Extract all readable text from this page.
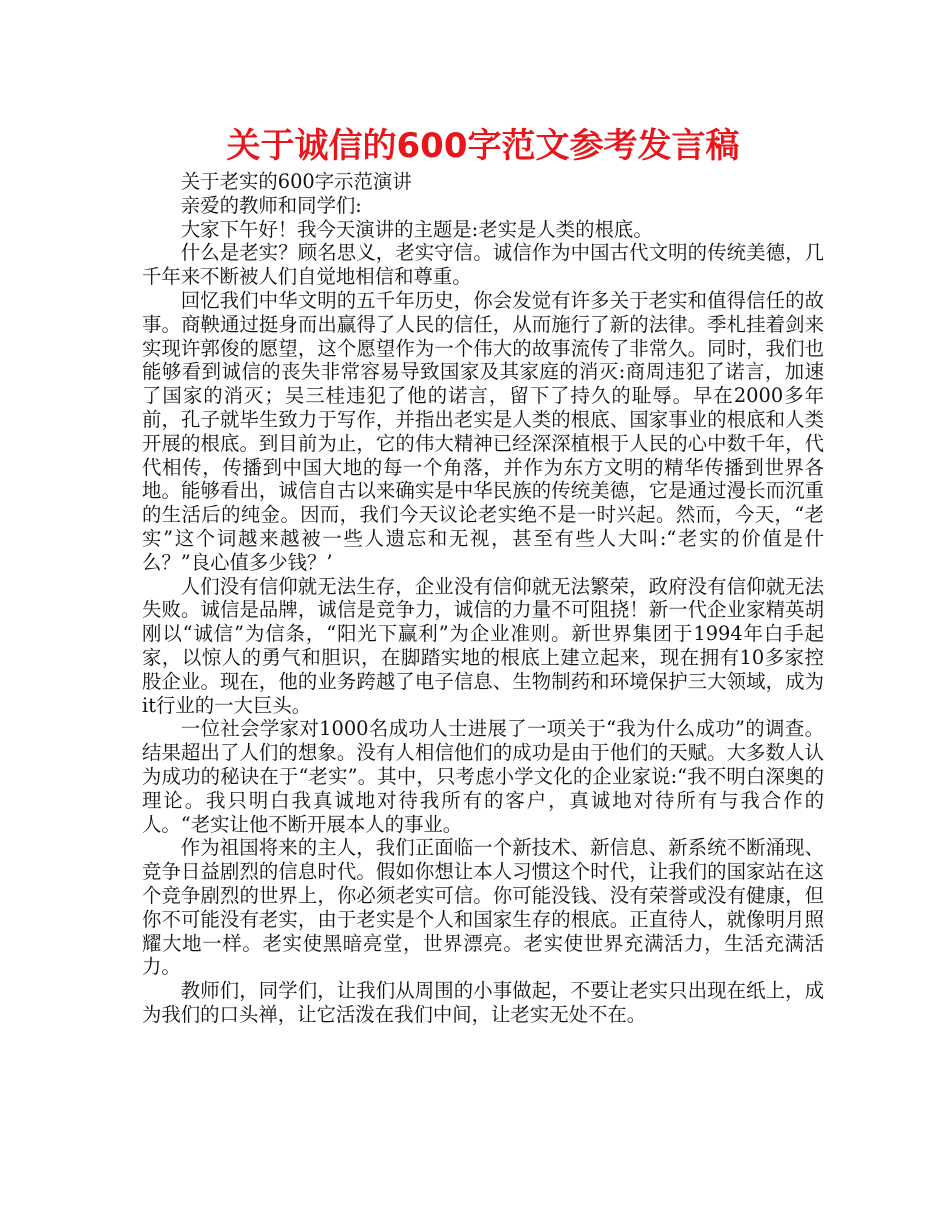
关于诚信的600字范文参考发言稿

关于老实的600字示范演讲

亲爱的教师和同学们:

大家下午好！我今天演讲的主题是:老实是人类的根底。

什么是老实？顾名思义，老实守信。诚信作为中国古代文明的传统美德，几千年来不断被人们自觉地相信和尊重。

回忆我们中华文明的五千年历史，你会发觉有许多关于老实和值得信任的故事。商鞅通过挺身而出赢得了人民的信任，从而施行了新的法律。季札挂着剑来实现许郭俊的愿望，这个愿望作为一个伟大的故事流传了非常久。同时，我们也能够看到诚信的丧失非常容易导致国家及其家庭的消灭:商周违犯了诺言，加速了国家的消灭；吴三桂违犯了他的诺言，留下了持久的耻辱。早在2000多年前，孔子就毕生致力于写作，并指出老实是人类的根底、国家事业的根底和人类开展的根底。到目前为止，它的伟大精神已经深深植根于人民的心中数千年，代代相传，传播到中国大地的每一个角落，并作为东方文明的精华传播到世界各地。能够看出，诚信自古以来确实是中华民族的传统美德，它是通过漫长而沉重的生活后的纯金。因而，我们今天议论老实绝不是一时兴起。然而，今天，“老实”这个词越来越被一些人遗忘和无视，甚至有些人大叫:“老实的价值是什么？”良心值多少钱？’

人们没有信仰就无法生存，企业没有信仰就无法繁荣，政府没有信仰就无法失败。诚信是品牌，诚信是竞争力，诚信的力量不可阻挠！新一代企业家精英胡刚以“诚信”为信条，“阳光下赢利”为企业准则。新世界集团于1994年白手起家，以惊人的勇气和胆识，在脚踏实地的根底上建立起来，现在拥有10多家控股企业。现在，他的业务跨越了电子信息、生物制药和环境保护三大领域，成为it行业的一大巨头。

一位社会学家对1000名成功人士进展了一项关于“我为什么成功”的调查。结果超出了人们的想象。没有人相信他们的成功是由于他们的天赋。大多数人认为成功的秘诀在于“老实”。其中，只考虑小学文化的企业家说:“我不明白深奥的理论。我只明白我真诚地对待我所有的客户，真诚地对待所有与我合作的人。“老实让他不断开展本人的事业。

作为祖国将来的主人，我们正面临一个新技术、新信息、新系统不断涌现、竞争日益剧烈的信息时代。假如你想让本人习惯这个时代，让我们的国家站在这个竞争剧烈的世界上，你必须老实可信。你可能没钱、没有荣誉或没有健康，但你不可能没有老实，由于老实是个人和国家生存的根底。正直待人，就像明月照耀大地一样。老实使黑暗亮堂，世界漂亮。老实使世界充满活力，生活充满活力。

教师们，同学们，让我们从周围的小事做起，不要让老实只出现在纸上，成为我们的口头禅，让它活泼在我们中间，让老实无处不在。
